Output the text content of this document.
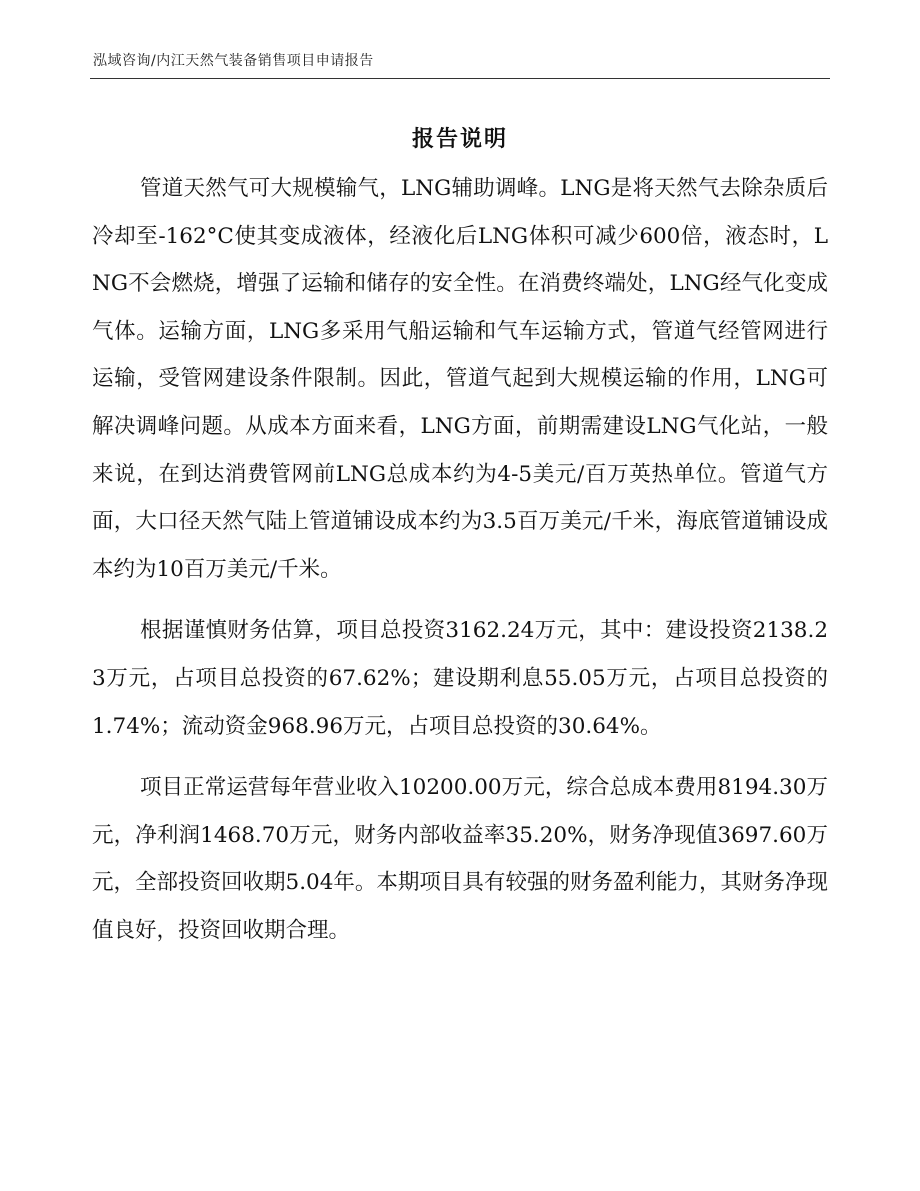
泓域咨询/内江天然气装备销售项目申请报告
报告说明

管道天然气可大规模输气，LNG辅助调峰。LNG是将天然气去除杂质后冷却至-162°C使其变成液体，经液化后LNG体积可减少600倍，液态时，LNG不会燃烧，增强了运输和储存的安全性。在消费终端处，LNG经气化变成气体。运输方面，LNG多采用气船运输和气车运输方式，管道气经管网进行运输，受管网建设条件限制。因此，管道气起到大规模运输的作用，LNG可解决调峰问题。从成本方面来看，LNG方面，前期需建设LNG气化站，一般来说，在到达消费管网前LNG总成本约为4-5美元/百万英热单位。管道气方面，大口径天然气陆上管道铺设成本约为3.5百万美元/千米，海底管道铺设成本约为10百万美元/千米。

根据谨慎财务估算，项目总投资3162.24万元，其中：建设投资2138.23万元，占项目总投资的67.62%；建设期利息55.05万元，占项目总投资的1.74%；流动资金968.96万元，占项目总投资的30.64%。

项目正常运营每年营业收入10200.00万元，综合总成本费用8194.30万元，净利润1468.70万元，财务内部收益率35.20%，财务净现值3697.60万元，全部投资回收期5.04年。本期项目具有较强的财务盈利能力，其财务净现值良好，投资回收期合理。
